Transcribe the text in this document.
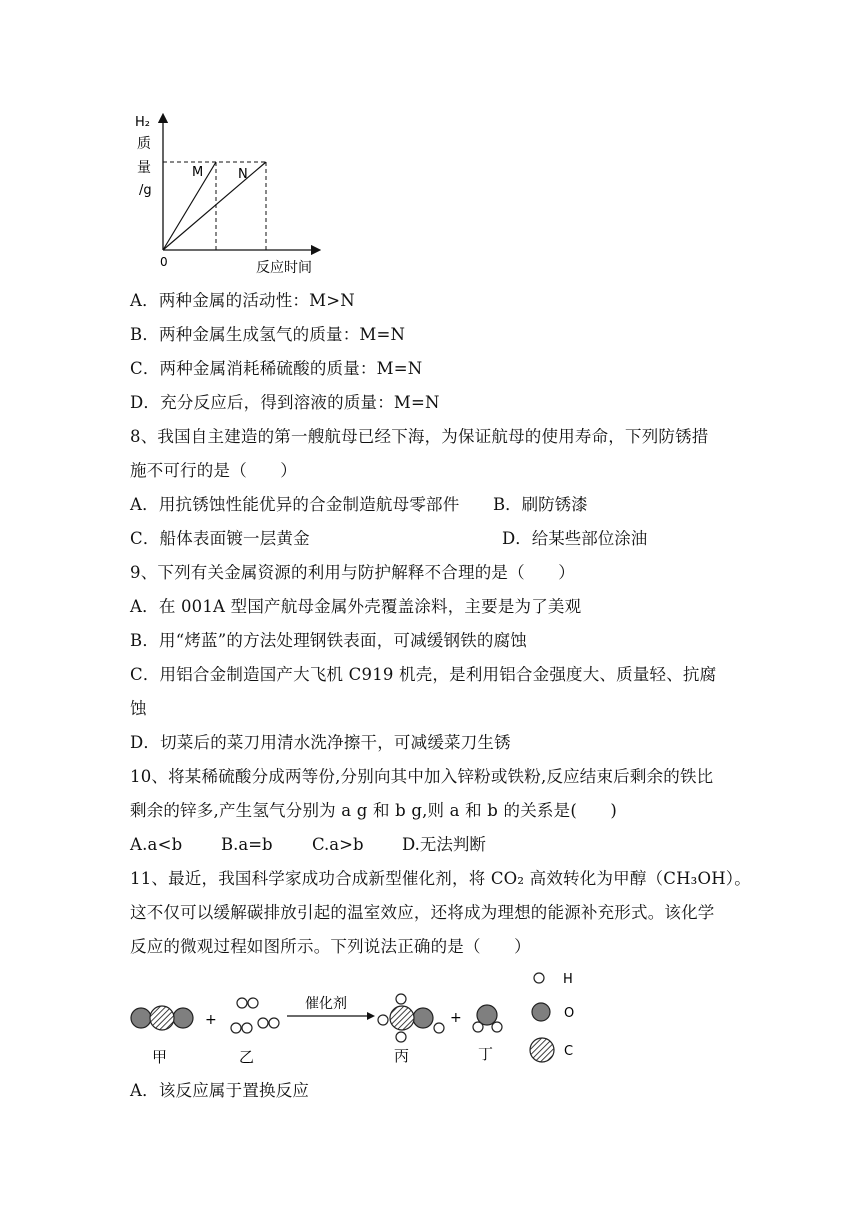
H₂
质
量
/g
0	反应时间
M	N
A．两种金属的活动性：M>N
B．两种金属生成氢气的质量：M=N
C．两种金属消耗稀硫酸的质量：M=N
D．充分反应后，得到溶液的质量：M=N
8、我国自主建造的第一艘航母已经下海，为保证航母的使用寿命，下列防锈措
施不可行的是（　　）
A．用抗锈蚀性能优异的合金制造航母零部件 B．刷防锈漆
C．船体表面镀一层黄金	D．给某些部位涂油
9、下列有关金属资源的利用与防护解释不合理的是（　　）
A．在 001A 型国产航母金属外壳覆盖涂料，主要是为了美观
B．用“烤蓝”的方法处理钢铁表面，可减缓钢铁的腐蚀
C．用铝合金制造国产大飞机 C919 机壳，是利用铝合金强度大、质量轻、抗腐
蚀
D．切菜后的菜刀用清水洗净擦干，可减缓菜刀生锈
10、将某稀硫酸分成两等份,分别向其中加入锌粉或铁粉,反应结束后剩余的铁比
剩余的锌多,产生氢气分别为 a g 和 b g,则 a 和 b 的关系是(　　)
A.a<b B.a=b C.a>b D.无法判断
11、最近，我国科学家成功合成新型催化剂，将 CO₂ 高效转化为甲醇（CH₃OH）。
这不仅可以缓解碳排放引起的温室效应，还将成为理想的能源补充形式。该化学
反应的微观过程如图所示。下列说法正确的是（　　）
+
催化剂
+
甲	乙	丙	丁
H
O
C
A．该反应属于置换反应
